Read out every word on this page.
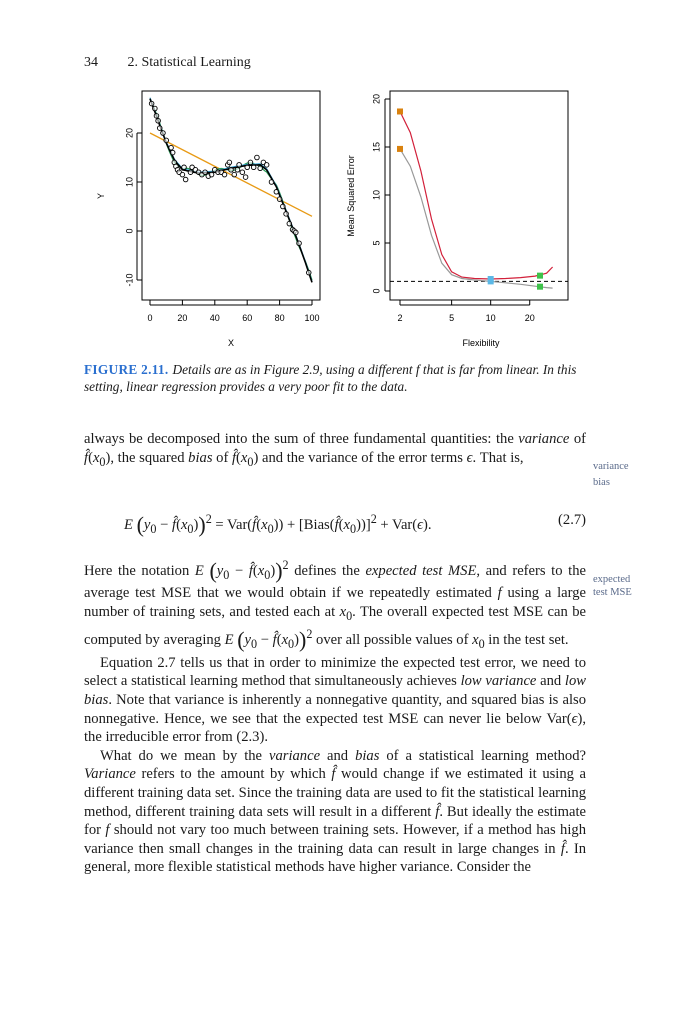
34 2. Statistical Learning
0	20 40 60 80 100
-10
0
10
20
X
Y
2	5	10	20
0
5
10
15
20
Flexibility
Mean Squared Error
FIGURE 2.11. Details are as in Figure 2.9, using a different f that is far from linear. In this setting, linear regression provides a very poor fit to the data.

always be decomposed into the sum of three fundamental quantities: the variance of $f̂(x_0)$, the squared bias of $f̂(x_0)$ and the variance of the error terms ϵ. That is,

variance
bias
E ($y_0$ − $f̂(x_0))^2$ = $Var(f̂(x_0))$ + $[Bias(f̂(x_0))]^2 + Var(\epsilon)$.	(2.7)

Here the notation E ($y_0$ − $f̂(x_0))^2$ defines the expected test MSE, and refers to the average test MSE that we would obtain if we repeatedly estimated f using a large number of training sets, and tested each at $x_0$. The overall expected test MSE can be computed by averaging E ($y_0$ − $f̂(x_0))^2$ over all possible values of $x_0$ in the test set.

Equation 2.7 tells us that in order to minimize the expected test error, we need to select a statistical learning method that simultaneously achieves low variance and low bias. Note that variance is inherently a nonnegative quantity, and squared bias is also nonnegative. Hence, we see that the expected test MSE can never lie below Var(ϵ), the irreducible error from (2.3).

What do we mean by the variance and bias of a statistical learning method? Variance refers to the amount by which f̂ would change if we estimated it using a different training data set. Since the training data are used to fit the statistical learning method, different training data sets will result in a different f̂. But ideally the estimate for f should not vary too much between training sets. However, if a method has high variance then small changes in the training data can result in large changes in f̂. In general, more flexible statistical methods have higher variance. Consider the

expected
test MSE
